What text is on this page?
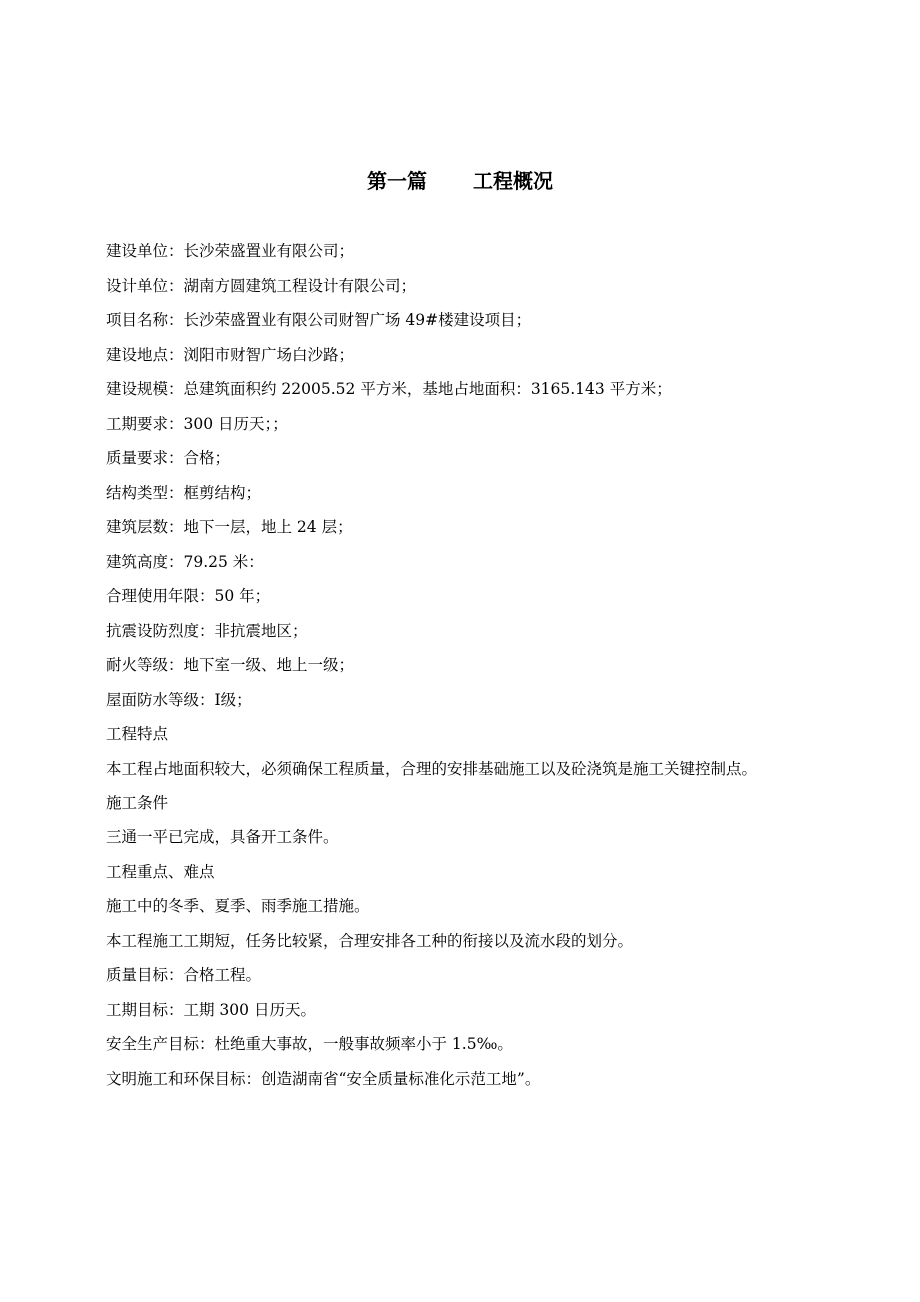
第一篇 工程概况

建设单位：长沙荣盛置业有限公司；

设计单位：湖南方圆建筑工程设计有限公司；

项目名称：长沙荣盛置业有限公司财智广场 49#楼建设项目；

建设地点：浏阳市财智广场白沙路；

建设规模：总建筑面积约 22005.52 平方米，基地占地面积：3165.143 平方米；

工期要求：300 日历天；；

质量要求：合格；

结构类型：框剪结构；

建筑层数：地下一层，地上 24 层；

建筑高度：79.25 米：

合理使用年限：50 年；

抗震设防烈度：非抗震地区；

耐火等级：地下室一级、地上一级；

屋面防水等级：Ⅰ级；

工程特点

本工程占地面积较大，必须确保工程质量，合理的安排基础施工以及砼浇筑是施工关键控制点。

施工条件

三通一平已完成，具备开工条件。

工程重点、难点

施工中的冬季、夏季、雨季施工措施。

本工程施工工期短，任务比较紧，合理安排各工种的衔接以及流水段的划分。

质量目标：合格工程。

工期目标：工期 300 日历天。

安全生产目标：杜绝重大事故，一般事故频率小于 1.5‰。

文明施工和环保目标：创造湖南省“安全质量标准化示范工地”。
